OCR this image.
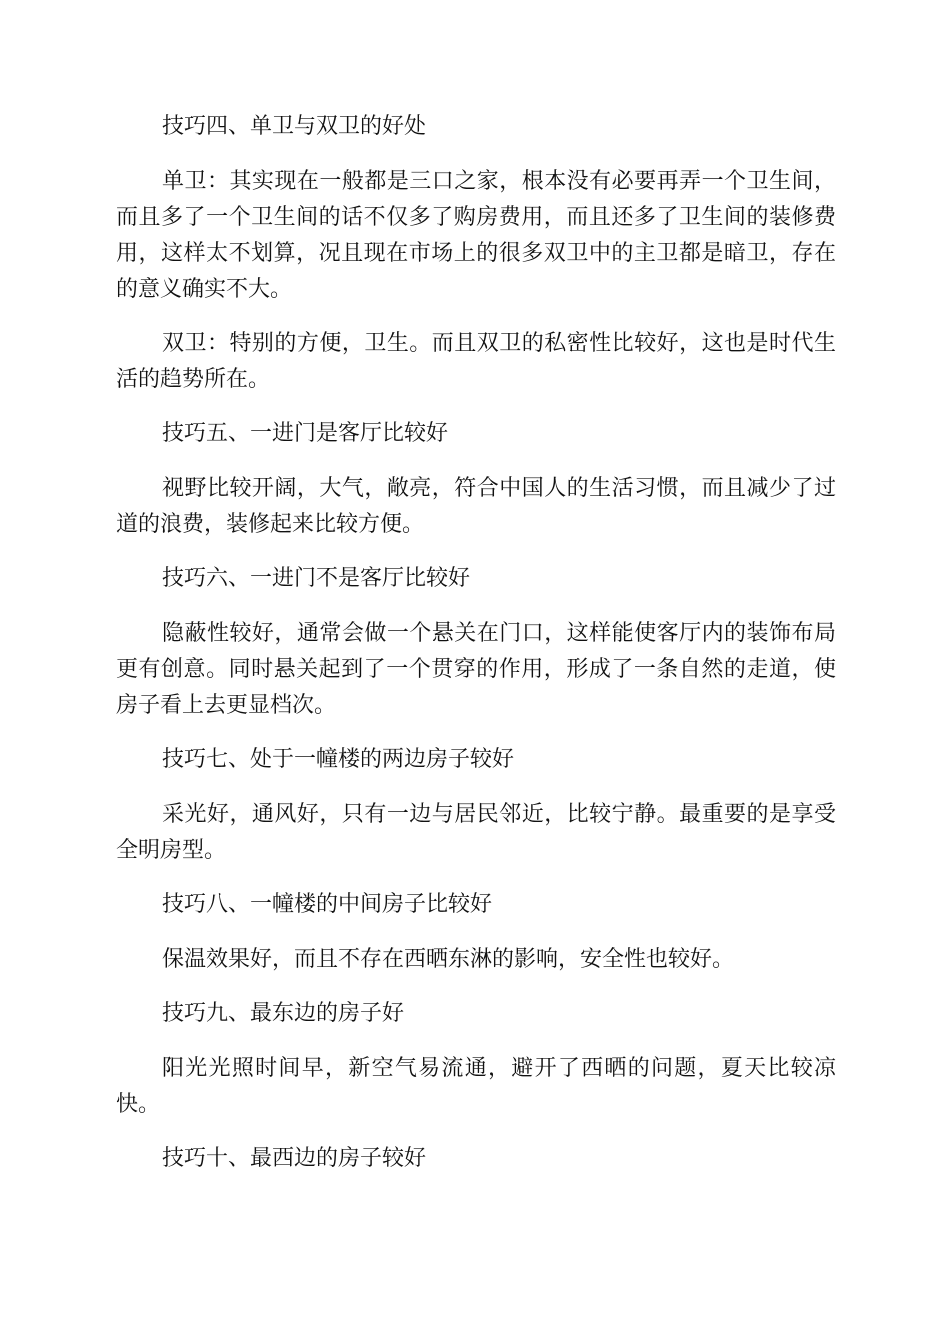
技巧四、单卫与双卫的好处

单卫：其实现在一般都是三口之家，根本没有必要再弄一个卫生间，而且多了一个卫生间的话不仅多了购房费用，而且还多了卫生间的装修费用，这样太不划算，况且现在市场上的很多双卫中的主卫都是暗卫，存在的意义确实不大。

双卫：特别的方便，卫生。而且双卫的私密性比较好，这也是时代生活的趋势所在。

技巧五、一进门是客厅比较好

视野比较开阔，大气，敞亮，符合中国人的生活习惯，而且减少了过道的浪费，装修起来比较方便。

技巧六、一进门不是客厅比较好

隐蔽性较好，通常会做一个悬关在门口，这样能使客厅内的装饰布局更有创意。同时悬关起到了一个贯穿的作用，形成了一条自然的走道，使房子看上去更显档次。

技巧七、处于一幢楼的两边房子较好

采光好，通风好，只有一边与居民邻近，比较宁静。最重要的是享受全明房型。

技巧八、一幢楼的中间房子比较好

保温效果好，而且不存在西晒东淋的影响，安全性也较好。

技巧九、最东边的房子好

阳光光照时间早，新空气易流通，避开了西晒的问题，夏天比较凉快。

技巧十、最西边的房子较好
